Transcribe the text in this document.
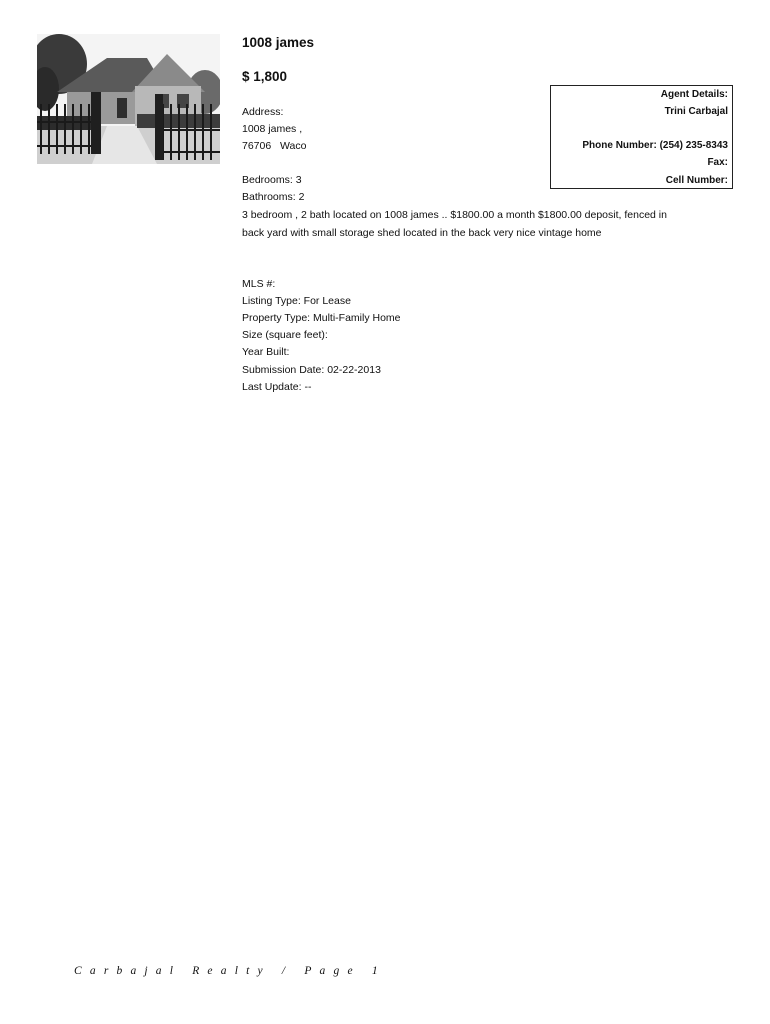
1008 james
$ 1,800
Address:
1008 james ,
76706 Waco
Bedrooms: 3
Bathrooms: 2
3 bedroom , 2 bath located on 1008 james .. $1800.00 a month $1800.00 deposit, fenced in back yard with small storage shed located in the back very nice vintage home
MLS #:
Listing Type: For Lease
Property Type: Multi-Family Home
Size (square feet):
Year Built:
Submission Date: 02-22-2013
Last Update: --
Agent Details:
Trini Carbajal
Phone Number: (254) 235-8343
Fax:
Cell Number:
Carbajal Realty / Page 1
